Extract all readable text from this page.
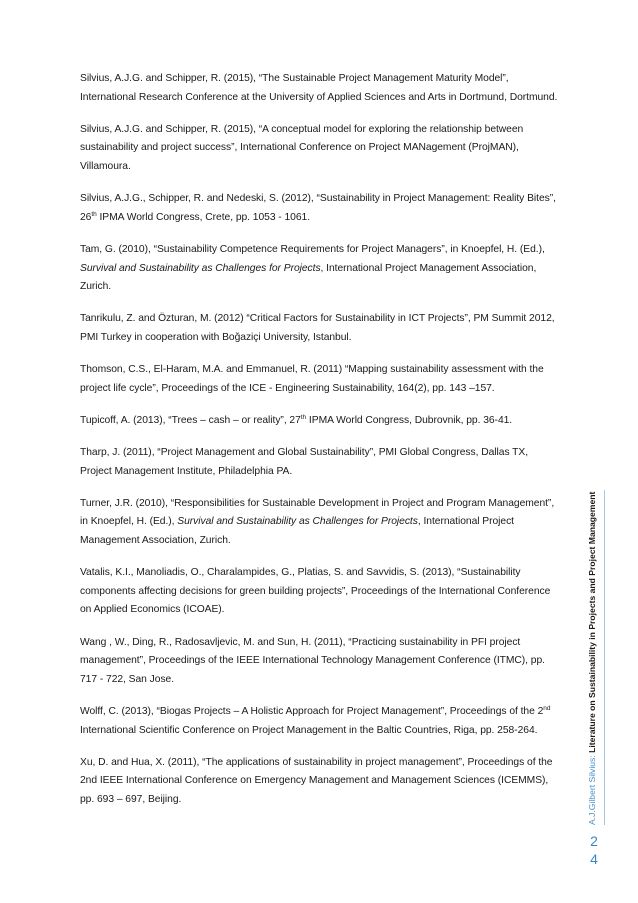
Silvius, A.J.G. and Schipper, R. (2015), “The Sustainable Project Management Maturity Model”, International Research Conference at the University of Applied Sciences and Arts in Dortmund, Dortmund.

Silvius, A.J.G. and Schipper, R. (2015), “A conceptual model for exploring the relationship between sustainability and project success”, International Conference on Project MANagement (ProjMAN), Villamoura.

Silvius, A.J.G., Schipper, R. and Nedeski, S. (2012), “Sustainability in Project Management: Reality Bites”, 26th IPMA World Congress, Crete, pp. 1053 - 1061.

Tam, G. (2010), “Sustainability Competence Requirements for Project Managers”, in Knoepfel, H. (Ed.), Survival and Sustainability as Challenges for Projects, International Project Management Association, Zurich.

Tanrikulu, Z. and Özturan, M. (2012) “Critical Factors for Sustainability in ICT Projects”, PM Summit 2012, PMI Turkey in cooperation with Boğaziçi University, Istanbul.

Thomson, C.S., El-Haram, M.A. and Emmanuel, R. (2011) “Mapping sustainability assessment with the project life cycle”, Proceedings of the ICE - Engineering Sustainability, 164(2), pp. 143 –157.

Tupicoff, A. (2013), “Trees – cash – or reality”, 27th IPMA World Congress, Dubrovnik, pp. 36-41.

Tharp, J. (2011), “Project Management and Global Sustainability”, PMI Global Congress, Dallas TX, Project Management Institute, Philadelphia PA.

Turner, J.R. (2010), “Responsibilities for Sustainable Development in Project and Program Management”, in Knoepfel, H. (Ed.), Survival and Sustainability as Challenges for Projects, International Project Management Association, Zurich.

Vatalis, K.I., Manoliadis, O., Charalampides, G., Platias, S. and Savvidis, S. (2013), “Sustainability components affecting decisions for green building projects”, Proceedings of the International Conference on Applied Economics (ICOAE).

Wang , W., Ding, R., Radosavljevic, M. and Sun, H. (2011), “Practicing sustainability in PFI project management”, Proceedings of the IEEE International Technology Management Conference (ITMC), pp. 717 - 722, San Jose.

Wolff, C. (2013), “Biogas Projects – A Holistic Approach for Project Management”, Proceedings of the 2nd International Scientific Conference on Project Management in the Baltic Countries, Riga, pp. 258-264.

Xu, D. and Hua, X. (2011), “The applications of sustainability in project management”, Proceedings of the 2nd IEEE International Conference on Emergency Management and Management Sciences (ICEMMS), pp. 693 – 697, Beijing.	A.J.Gilbert Silvius: Literature on Sustainability in Projects and Project Management
2
4
